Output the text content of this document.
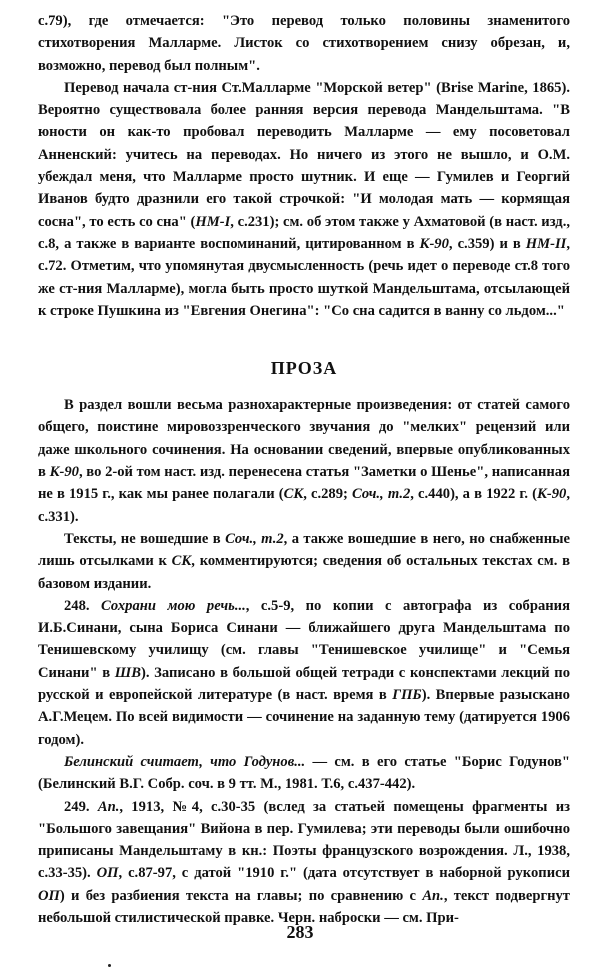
с.79), где отмечается: "Это перевод только половины знаменитого стихотворения Малларме. Листок со стихотворением снизу обрезан, и, возможно, перевод был полным".

Перевод начала ст-ния Ст.Малларме "Морской ветер" (Brise Marine, 1865). Вероятно существовала более ранняя версия перевода Мандельштама. "В юности он как-то пробовал переводить Малларме — ему посоветовал Анненский: учитесь на переводах. Но ничего из этого не вышло, и О.М. убеждал меня, что Малларме просто шутник. И еще — Гумилев и Георгий Иванов будто дразнили его такой строчкой: "И молодая мать — кормящая сосна", то есть со сна" (НМ-I, с.231); см. об этом также у Ахматовой (в наст. изд., с.8, а также в варианте воспоминаний, цитированном в К-90, с.359) и в НМ-II, с.72. Отметим, что упомянутая двусмысленность (речь идет о переводе ст.8 того же ст-ния Малларме), могла быть просто шуткой Мандельштама, отсылающей к строке Пушкина из "Евгения Онегина": "Со сна садится в ванну со льдом..."

ПРОЗА

В раздел вошли весьма разнохарактерные произведения: от статей самого общего, поистине мировоззренческого звучания до "мелких" рецензий или даже школьного сочинения. На основании сведений, впервые опубликованных в К-90, во 2-ой том наст. изд. перенесена статья "Заметки о Шенье", написанная не в 1915 г., как мы ранее полагали (СК, с.289; Соч., т.2, с.440), а в 1922 г. (К-90, с.331).

Тексты, не вошедшие в Соч., т.2, а также вошедшие в него, но снабженные лишь отсылками к СК, комментируются; сведения об остальных текстах см. в базовом издании.

248. Сохрани мою речь..., с.5-9, по копии с автографа из собрания И.Б.Синани, сына Бориса Синани — ближайшего друга Мандельштама по Тенишевскому училищу (см. главы "Тенишевское училище" и "Семья Синани" в ШВ). Записано в большой общей тетради с конспектами лекций по русской и европейской литературе (в наст. время в ГПБ). Впервые разыскано А.Г.Мецем. По всей видимости — сочинение на заданную тему (датируется 1906 годом).

Белинский считает, что Годунов... — см. в его статье "Борис Годунов" (Белинский В.Г. Собр. соч. в 9 тт. М., 1981. Т.6, с.437-442).

249. Ап., 1913, №4, с.30-35 (вслед за статьей помещены фрагменты из "Большого завещания" Вийона в пер. Гумилева; эти переводы были ошибочно приписаны Мандельштаму в кн.: Поэты французского возрождения. Л., 1938, с.33-35). ОП, с.87-97, с датой "1910 г." (дата отсутствует в наборной рукописи ОП) и без разбиения текста на главы; по сравнению с Ап., текст подвергнут небольшой стилистической правке. Черн. наброски — см. При-

283
